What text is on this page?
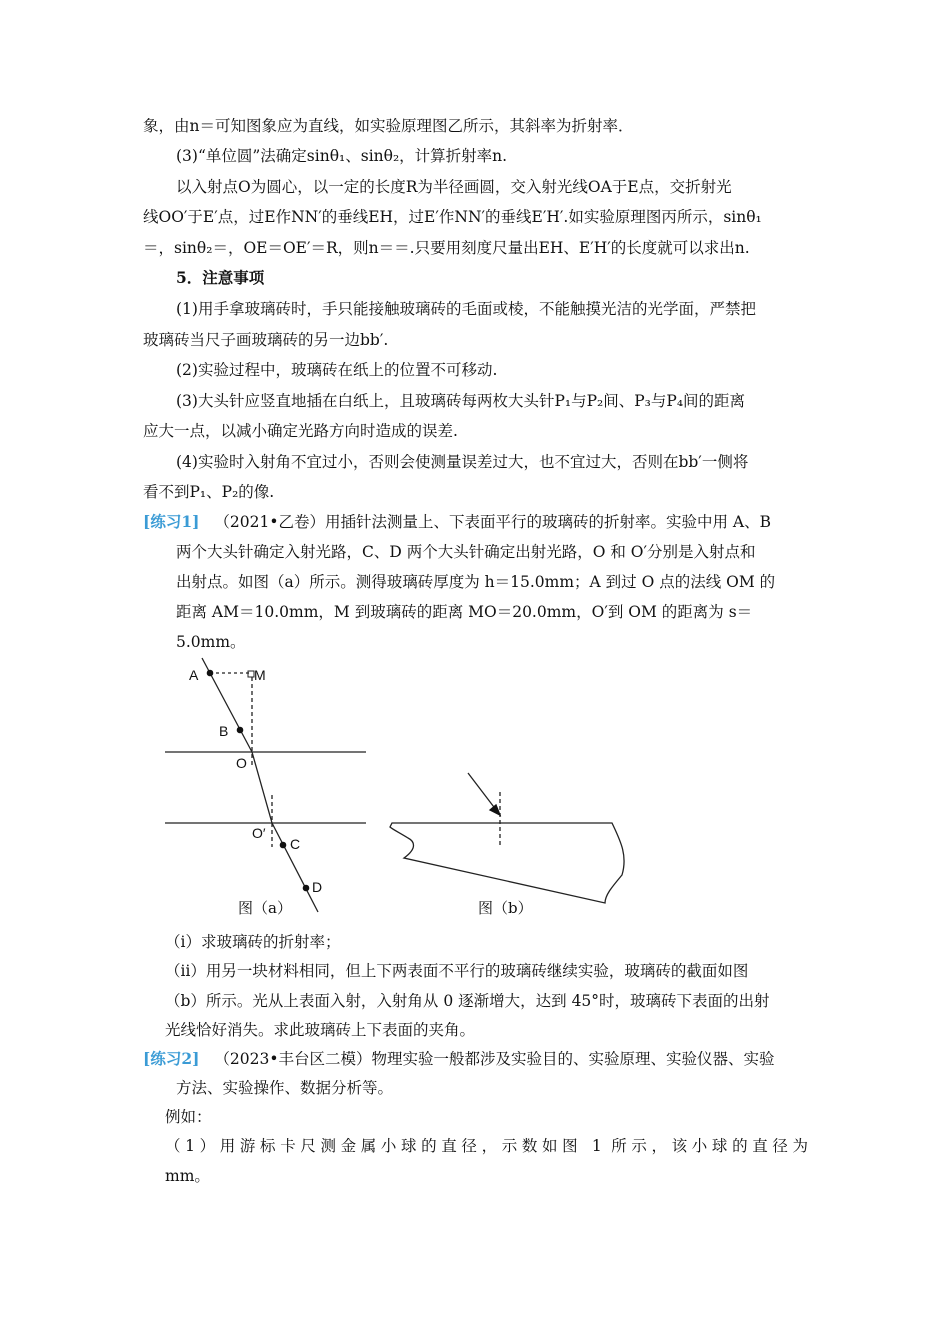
象，由n＝可知图象应为直线，如实验原理图乙所示，其斜率为折射率．
(3)“单位圆”法确定sinθ₁、sinθ₂，计算折射率n.
以入射点O为圆心，以一定的长度R为半径画圆，交入射光线OA于E点，交折射光
线OO′于E′点，过E作NN′的垂线EH，过E′作NN′的垂线E′H′.如实验原理图丙所示，sinθ₁
＝，sinθ₂＝，OE＝OE′＝R，则n＝＝.只要用刻度尺量出EH、E′H′的长度就可以求出n.
5．注意事项
(1)用手拿玻璃砖时，手只能接触玻璃砖的毛面或棱，不能触摸光洁的光学面，严禁把
玻璃砖当尺子画玻璃砖的另一边bb′.
(2)实验过程中，玻璃砖在纸上的位置不可移动.
(3)大头针应竖直地插在白纸上，且玻璃砖每两枚大头针P₁与P₂间、P₃与P₄间的距离
应大一点，以减小确定光路方向时造成的误差.
(4)实验时入射角不宜过小，否则会使测量误差过大，也不宜过大，否则在bb′一侧将
看不到P₁、P₂的像.
[练习1] （2021•乙卷）用插针法测量上、下表面平行的玻璃砖的折射率。实验中用 A、B
两个大头针确定入射光路，C、D 两个大头针确定出射光路，O 和 O′分别是入射点和
出射点。如图（a）所示。测得玻璃砖厚度为 h＝15.0mm；A 到过 O 点的法线 OM 的
距离 AM＝10.0mm，M 到玻璃砖的距离 MO＝20.0mm，O′到 OM 的距离为 s＝
5.0mm。
A	M
B
O
O′
C
D
图（a）	图（b）
（ⅰ）求玻璃砖的折射率；
（ⅱ）用另一块材料相同，但上下两表面不平行的玻璃砖继续实验，玻璃砖的截面如图
（b）所示。光从上表面入射，入射角从 0 逐渐增大，达到 45°时，玻璃砖下表面的出射
光线恰好消失。求此玻璃砖上下表面的夹角。
[练习2] （2023•丰台区二模）物理实验一般都涉及实验目的、实验原理、实验仪器、实验
方法、实验操作、数据分析等。
例如：
（1）用游标卡尺测金属小球的直径，示数如图 1 所示，该小球的直径为
mm。
